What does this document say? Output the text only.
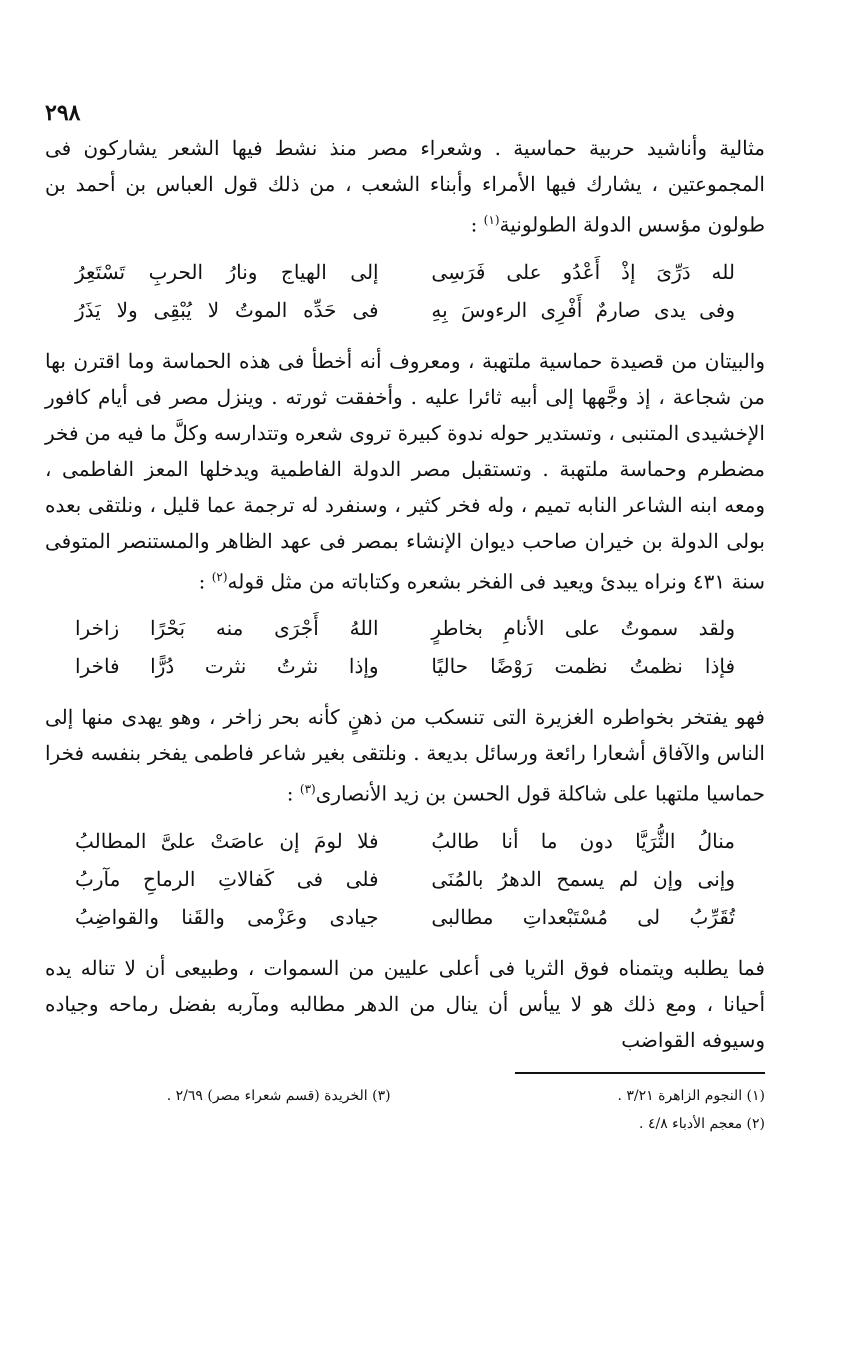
٢٩٨

مثالية وأناشيد حربية حماسية . وشعراء مصر منذ نشط فيها الشعر يشاركون فى المجموعتين ، يشارك فيها الأمراء وأبناء الشعب ، من ذلك قول العباس بن أحمد بن طولون مؤسس الدولة الطولونية$^{(١)}$ :

لله دَرِّىَ إذْ أَعْدُو على فَرَسِى
إلى الهياج ونارُ الحربِ تَسْتَعِرُ
وفى يدى صارمٌ أَفْرِى الرءوسَ بِهِ
فى حَدِّه الموتُ لا يُبْقِى ولا يَذَرُ

والبيتان من قصيدة حماسية ملتهبة ، ومعروف أنه أخطأ فى هذه الحماسة وما اقترن بها من شجاعة ، إذ وجَّهها إلى أبيه ثائرا عليه . وأخفقت ثورته . وينزل مصر فى أيام كافور الإخشيدى المتنبى ، وتستدير حوله ندوة كبيرة تروى شعره وتتدارسه وكلَّ ما فيه من فخر مضطرم وحماسة ملتهبة . وتستقبل مصر الدولة الفاطمية ويدخلها المعز الفاطمى ، ومعه ابنه الشاعر النابه تميم ، وله فخر كثير ، وسنفرد له ترجمة عما قليل ، ونلتقى بعده بولى الدولة بن خيران صاحب ديوان الإنشاء بمصر فى عهد الظاهر والمستنصر المتوفى سنة ٤٣١ ونراه يبدئ ويعيد فى الفخر بشعره وكتاباته من مثل قوله$^{(٢)}$ :

ولقد سموتُ على الأنامِ بخاطرٍ
اللهُ أَجْرَى منه بَحْرًا زاخرا
فإذا نظمتُ نظمت رَوْضًا حاليًا
وإذا نثرتُ نثرت دُرًّا فاخرا

فهو يفتخر بخواطره الغزيرة التى تنسكب من ذهنٍ كأنه بحر زاخر ، وهو يهدى منها إلى الناس والآفاق أشعارا رائعة ورسائل بديعة . ونلتقى بغير شاعر فاطمى يفخر بنفسه فخرا حماسيا ملتهبا على شاكلة قول الحسن بن زيد الأنصارى$^{(٣)}$ :

منالُ الثُّرَيَّا دون ما أنا طالبُ
فلا لومَ إن عاصَتْ علىَّ المطالبُ
وإنى وإن لم يسمح الدهرُ بالمُنَى
فلى فى كَفالاتِ الرماحِ مآربُ
تُقَرِّبُ لى مُسْتَبْعداتِ مطالبى
جيادى وعَزْمى والقَنا والقواضِبُ

فما يطلبه ويتمناه فوق الثريا فى أعلى عليين من السموات ، وطبيعى أن لا تناله يده أحيانا ، ومع ذلك هو لا ييأس أن ينال من الدهر مطالبه ومآربه بفضل رماحه وجياده وسيوفه القواضب

(١) النجوم الزاهرة ٣/٢١ .
(٣) الخريدة (قسم شعراء مصر) ٢/٦٩ .
(٢) معجم الأدباء ٤/٨ .
